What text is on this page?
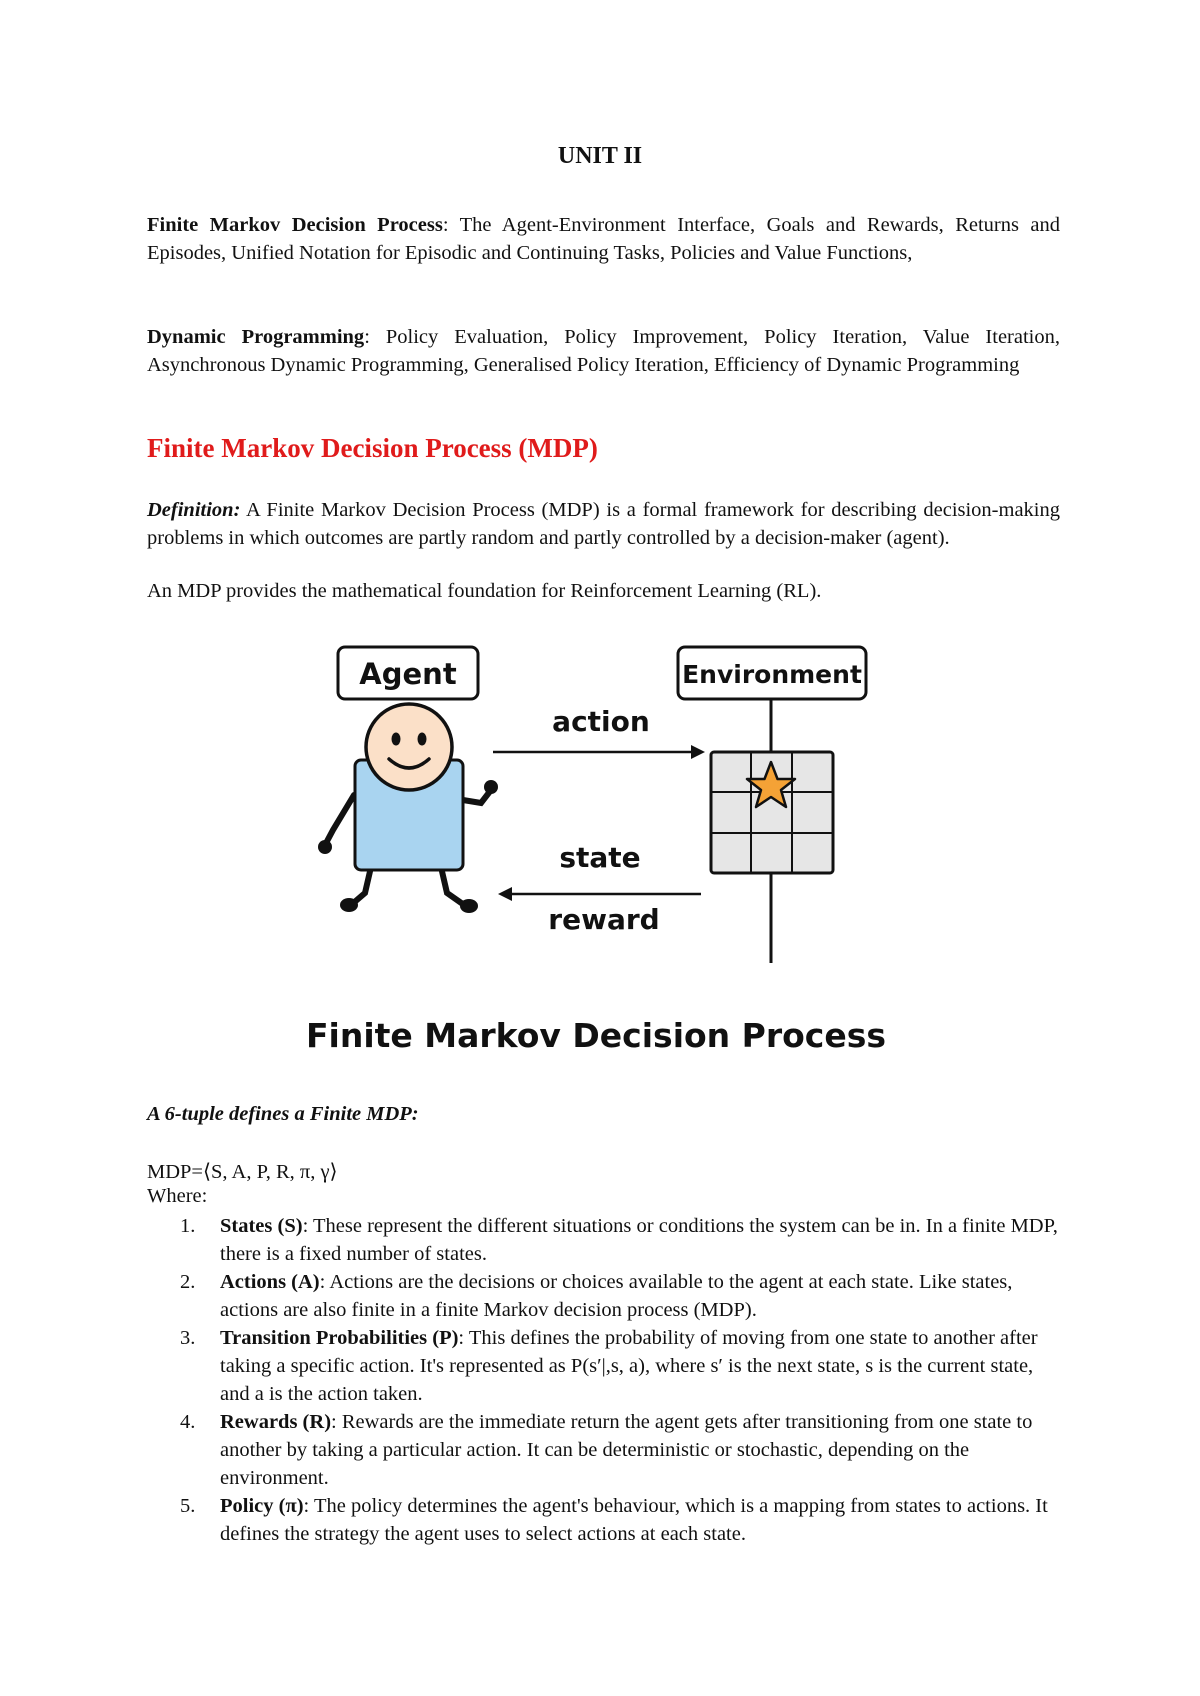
UNIT II
Finite Markov Decision Process: The Agent-Environment Interface, Goals and Rewards, Returns and Episodes, Unified Notation for Episodic and Continuing Tasks, Policies and Value Functions,
Dynamic Programming: Policy Evaluation, Policy Improvement, Policy Iteration, Value Iteration, Asynchronous Dynamic Programming, Generalised Policy Iteration, Efficiency of Dynamic Programming
Finite Markov Decision Process (MDP)
Definition: A Finite Markov Decision Process (MDP) is a formal framework for describing decision-making problems in which outcomes are partly random and partly controlled by a decision-maker (agent).
An MDP provides the mathematical foundation for Reinforcement Learning (RL).
Agent	Environment
action
state
reward
Finite Markov Decision Process
A 6-tuple defines a Finite MDP:
MDP=⟨S, A, P, R, π, γ⟩
Where:
1. States (S): These represent the different situations or conditions the system can be in. In a finite MDP, there is a fixed number of states.
2. Actions (A): Actions are the decisions or choices available to the agent at each state. Like states, actions are also finite in a finite Markov decision process (MDP).
3. Transition Probabilities (P): This defines the probability of moving from one state to another after taking a specific action. It's represented as P(s′|,s, a), where s′ is the next state, s is the current state, and a is the action taken.
4. Rewards (R): Rewards are the immediate return the agent gets after transitioning from one state to another by taking a particular action. It can be deterministic or stochastic, depending on the environment.
5. Policy (π): The policy determines the agent's behaviour, which is a mapping from states to actions. It defines the strategy the agent uses to select actions at each state.
